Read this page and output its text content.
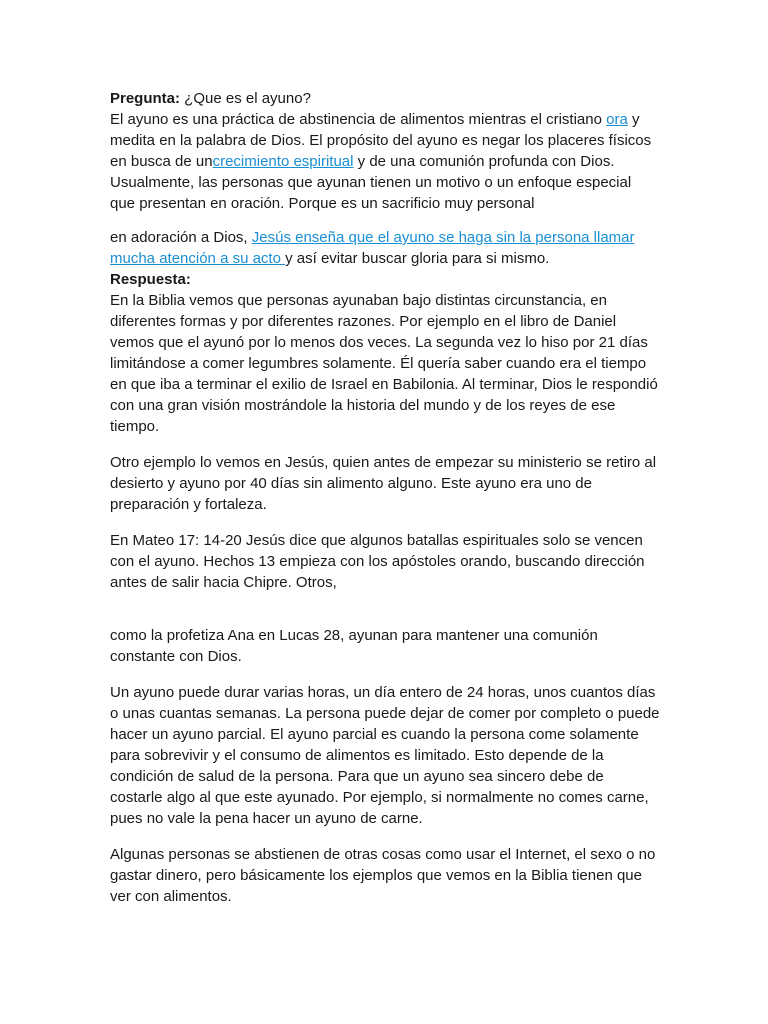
Pregunta: ¿Que es el ayuno?
El ayuno es una práctica de abstinencia de alimentos mientras el cristiano ora y medita en la palabra de Dios. El propósito del ayuno es negar los placeres físicos en busca de uncrecimiento espiritual y de una comunión profunda con Dios. Usualmente, las personas que ayunan tienen un motivo o un enfoque especial que presentan en oración. Porque es un sacrificio muy personal

en adoración a Dios, Jesús enseña que el ayuno se haga sin la persona llamar mucha atención a su acto y así evitar buscar gloria para si mismo.
Respuesta:
En la Biblia vemos que personas ayunaban bajo distintas circunstancia, en diferentes formas y por diferentes razones. Por ejemplo en el libro de Daniel vemos que el ayunó por lo menos dos veces. La segunda vez lo hiso por 21 días limitándose a comer legumbres solamente. Él quería saber cuando era el tiempo en que iba a terminar el exilio de Israel en Babilonia. Al terminar, Dios le respondió con una gran visión mostrándole la historia del mundo y de los reyes de ese tiempo.

Otro ejemplo lo vemos en Jesús, quien antes de empezar su ministerio se retiro al desierto y ayuno por 40 días sin alimento alguno. Este ayuno era uno de preparación y fortaleza.

En Mateo 17: 14-20 Jesús dice que algunos batallas espirituales solo se vencen con el ayuno. Hechos 13 empieza con los apóstoles orando, buscando dirección antes de salir hacia Chipre. Otros,

como la profetiza Ana en Lucas 28, ayunan para mantener una comunión constante con Dios.

Un ayuno puede durar varias horas, un día entero de 24 horas, unos cuantos días o unas cuantas semanas. La persona puede dejar de comer por completo o puede hacer un ayuno parcial. El ayuno parcial es cuando la persona come solamente para sobrevivir y el consumo de alimentos es limitado. Esto depende de la condición de salud de la persona. Para que un ayuno sea sincero debe de costarle algo al que este ayunado. Por ejemplo, si normalmente no comes carne, pues no vale la pena hacer un ayuno de carne.

Algunas personas se abstienen de otras cosas como usar el Internet, el sexo o no gastar dinero, pero básicamente los ejemplos que vemos en la Biblia tienen que ver con alimentos.
